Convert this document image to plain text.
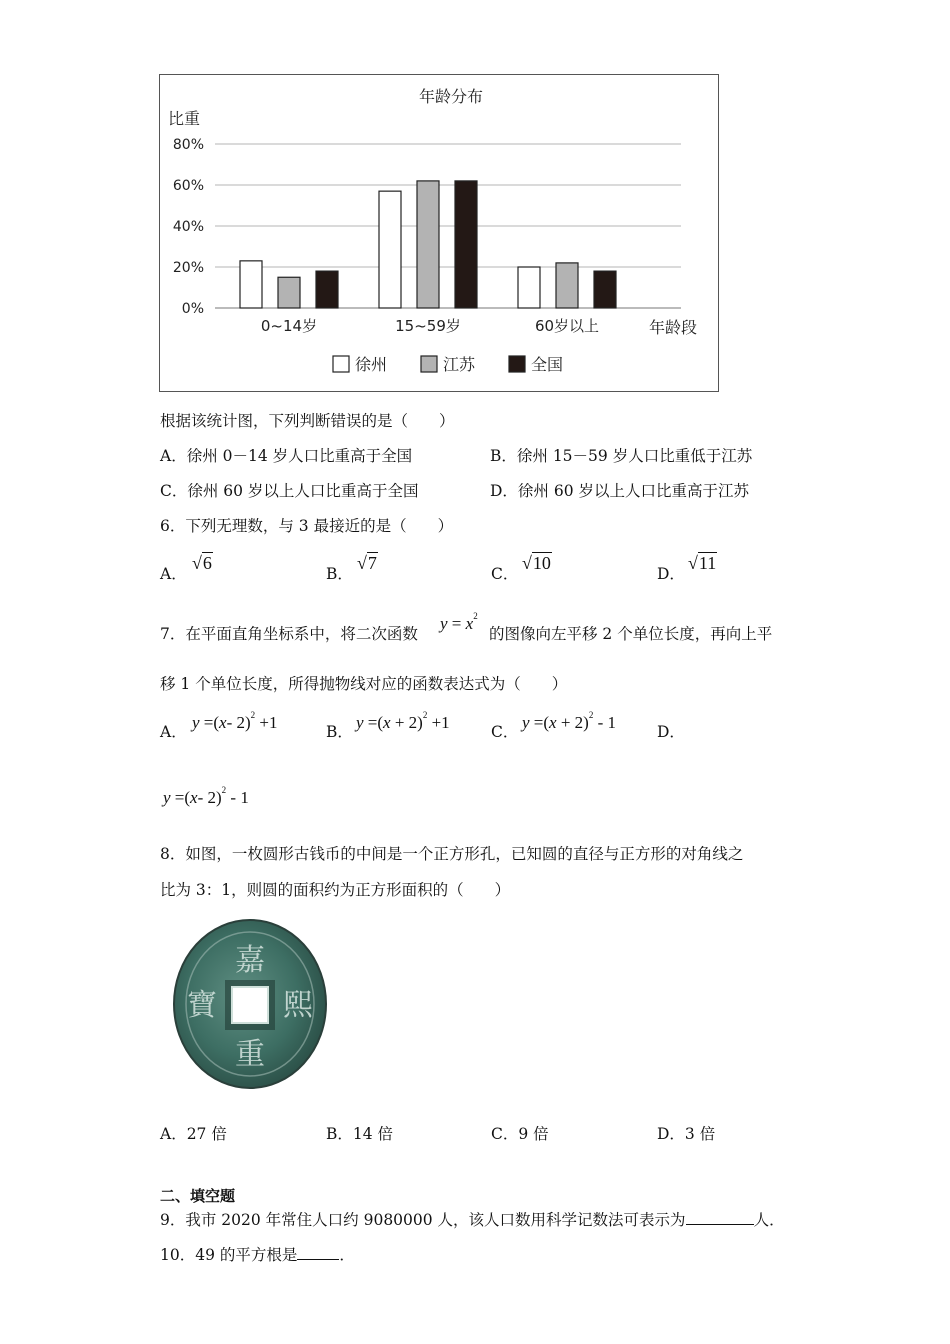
年龄分布
比重
0%
20%
40%
60%
80%
0~14岁	15~59岁	60岁以上	年龄段
徐州	江苏	全国
根据该统计图，下列判断错误的是（　　）
A．徐州 0－14 岁人口比重高于全国	B．徐州 15－59 岁人口比重低于江苏
C．徐州 60 岁以上人口比重高于全国	D．徐州 60 岁以上人口比重高于江苏
6．下列无理数，与 3 最接近的是（　　）
A．
√6
B．
√7
C．
√10
D．
√11
7．在平面直角坐标系中，将二次函数
$y = x^2$
的图像向左平移 2 个单位长度，再向上平
移 1 个单位长度，所得抛物线对应的函数表达式为（　　）
A． y =(x- 2)$^2$ +1	B． $y =(x + 2)^2 +1$	C． $y =(x + 2)^2 - 1$	D．
y =(x- 2)$^2$ - 1
8．如图，一枚圆形古钱币的中间是一个正方形孔，已知圆的直径与正方形的对角线之
比为 3：1，则圆的面积约为正方形面积的（　　）
嘉
熙
重
寶
A．27 倍	B．14 倍	C．9 倍	D．3 倍
二、填空题
9．我市 2020 年常住人口约 9080000 人，该人口数用科学记数法可表示为	人．
10．49 的平方根是	．
